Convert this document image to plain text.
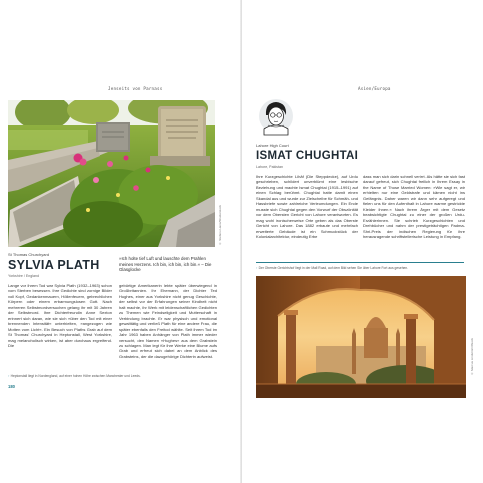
Jenseits von Parnass
© Stefano Hans/Shutterstock
St Thomas Churchyard
SYLVIA PLATH
Yorkshire / England
Lange vor ihrem Tod war Sylvia Plath (1932–1963) schon vom Sterben besessen. Ihre Gedichte sind zornige Bilder voll Kopf, Gedankenmauern, Höllenfeuern, gebrechlichen Körpern oder einem erbarmungslosen Gott. Nach mehreren Selbstmordversuchen gelang ihr mit 30 Jahren der Selbstmord. Ihre Dichterfreundin Anne Sexton erinnert sich daran, wie sie sich »über den Tod mit einer brennenden Intensität« unterhielten, »angezogen wie Motten vom Licht«. Ein Besuch von Plaths Grab auf dem St Thomas' Churchyard in Heptonstall, West Yorkshire, mag melancholisch wirken, ist aber durchaus ergreifend. Die
»Ich holte tief Luft und lauschte dem Prahlen meines Herzens. Ich bin, ich bin, ich bin.« – Die Glasglocke
gebürtige Amerikanerin lebte später überwiegend in Großbritannien. Ihr Ehemann, der Dichter Ted Hughes, einer aus Yorkshire nicht genug Geschichte, der selbst vor der Erfahrungen seiner Kindheit nicht halt machte, ihr Werk mit leidenschaftlichen Gedichten zu Themen wie Feindseligkeit und Mutterschaft in Verbindung brachte. Er war physisch und emotional gewalttätig und verließ Plath für eine andere Frau, die später ebenfalls den Freitod wählte. Seit ihrem Tod im Jahr 1963 haben Anhänger von Plath immer wieder versucht, den Namen »Hughes« aus dem Grabstein zu schlagen. Man legt für ihre Werke eine Blume aufs Grab und erfreut sich dabei an dem Anblick des Grabsteins, der die dazugehörige Dichterin aufweist.
↑ Heptonstall liegt in Nordengland, auf einer hohen Höhe zwischen Manchester und Leeds.
180
Asien/Europa
Lahore High Court
ISMAT CHUGHTAI
Lahore, Pakistan
Ihre Kurzgeschichte Lihāf (Die Steppdecke), auf Urdu geschrieben, schildert unverblümt eine lesbische Beziehung und machte Ismat Chughtai (1915–1991) auf einen Schlag berühmt. Chughtai hatte damit einen Skandal aus und wurde zur Zielscheibe für Schmäh- und Hassbriefe sowie zahlreiche Verleumdungen. Ein Ende musste sich Chughtai gegen den Vorwurf der Obszönität vor dem Obersten Gericht von Lahore verantworten. Es mag wohl ironischerweise Orte geben als das Oberste Gericht von Lahore. Das 1882 erbaute und mehrfach erweiterte Gebäude ist ein Schmuckstück der Kolonialarchitektur, eindeutig Erbe
dass man sich darin schnell verirrt. Als hätte sie sich fast darauf gefreut, sich Chughtai freilich in Ihrem Essay in the Name of Those Married Women: »Wie sagt er, wir erhielten nur eine Geldstrafe und kämen nicht ins Gefängnis. Daher waren wir dann sehr aufgeregt und fielen uns für den Aufenthalt in Lahore warme gestrickte Kleider ihnen.« Nach ihrem Ärger mit dem Gesetz beabsichtigte Chughtai zu einer der großen Urdu-Erzählerinnen. Sie schrieb Kurzgeschichten und Drehbücher und nahm der prestigeträchtigen Padma-Shri-Preis der indischen Regierung für ihre herausragende schriftstellerische Leistung in Empfang.
↑ Der Oberste Gerichtshof liegt in der Mall Road, auf dem Bild sehen Sie über Lahore Fort aus gesehen.
© Marcus Lindström/iStock
